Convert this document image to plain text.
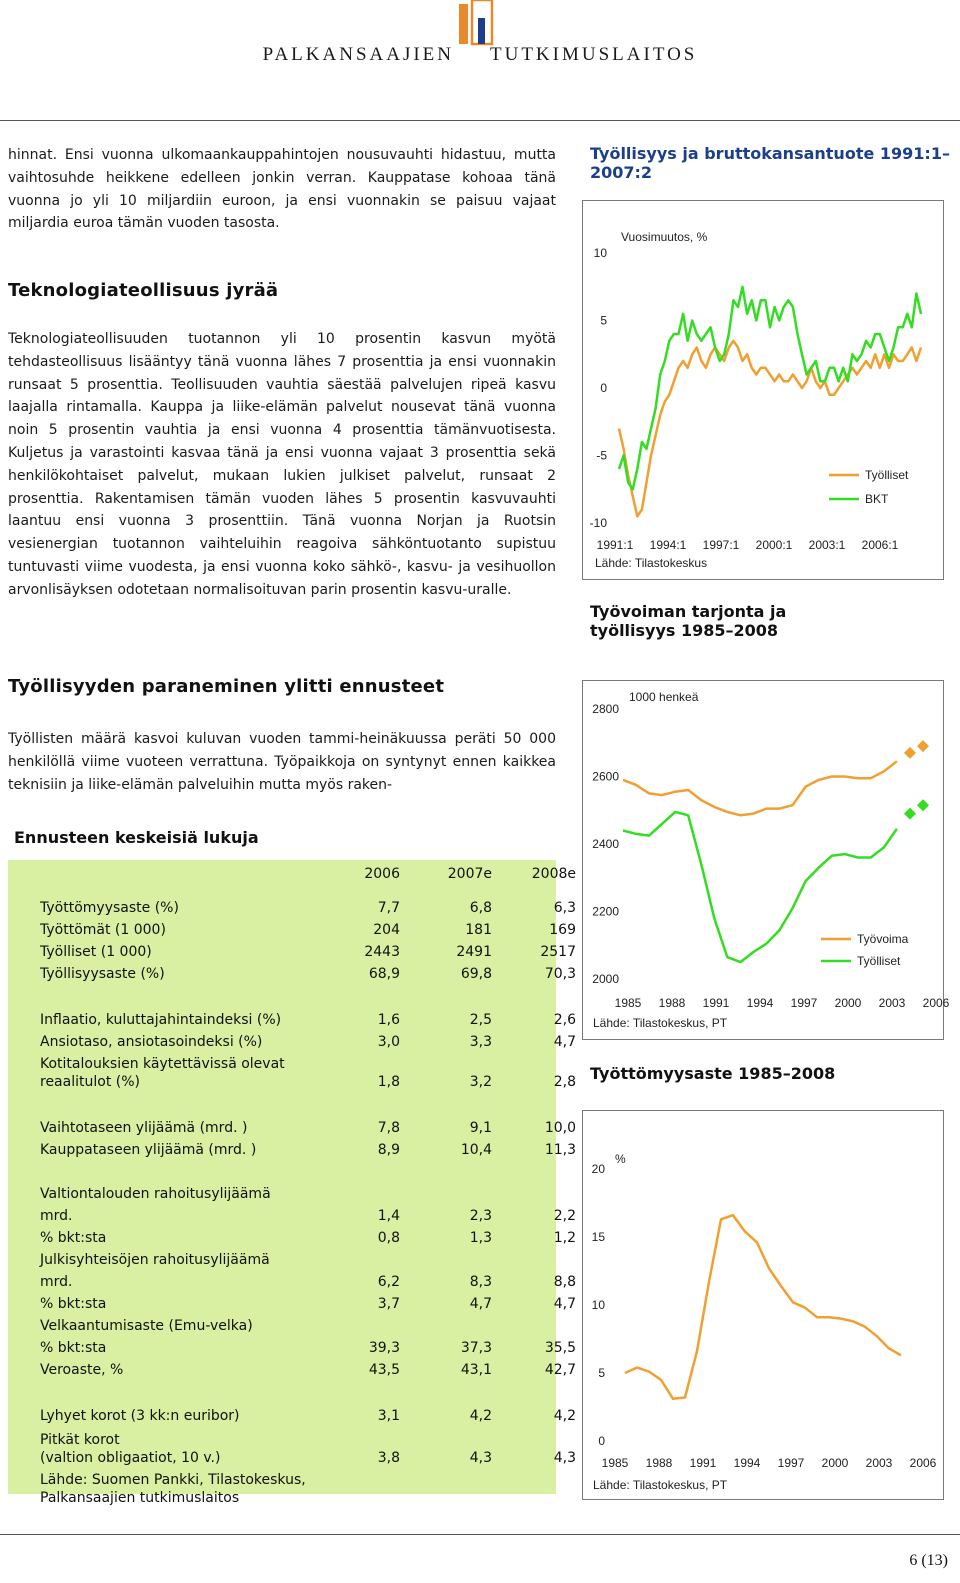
PALKANSAAJIEN TUTKIMUSLAITOS
hinnat. Ensi vuonna ulkomaankauppahintojen nousuvauhti hidastuu, mutta vaihtosuhde heikkene edelleen jonkin verran. Kauppatase kohoaa tänä vuonna jo yli 10 miljardiin euroon, ja ensi vuonnakin se paisuu vajaat miljardia euroa tämän vuoden tasosta.
Teknologiateollisuus jyrää
Teknologiateollisuuden tuotannon yli 10 prosentin kasvun myötä tehdasteollisuus lisääntyy tänä vuonna lähes 7 prosenttia ja ensi vuonnakin runsaat 5 prosenttia. Teollisuuden vauhtia säestää palvelujen ripeä kasvu laajalla rintamalla. Kauppa ja liike-elämän palvelut nousevat tänä vuonna noin 5 prosentin vauhtia ja ensi vuonna 4 prosenttia tämänvuotisesta. Kuljetus ja varastointi kasvaa tänä ja ensi vuonna vajaat 3 prosenttia sekä henkilökohtaiset palvelut, mukaan lukien julkiset palvelut, runsaat 2 prosenttia. Rakentamisen tämän vuoden lähes 5 prosentin kasvuvauhti laantuu ensi vuonna 3 prosenttiin. Tänä vuonna Norjan ja Ruotsin vesienergian tuotannon vaihteluihin reagoiva sähköntuotanto supistuu tuntuvasti viime vuodesta, ja ensi vuonna koko sähkö-, kasvu- ja vesihuollon arvonlisäyksen odotetaan normalisoituvan parin prosentin kasvu-uralle.
Työllisyyden paraneminen ylitti ennusteet
Työllisten määrä kasvoi kuluvan vuoden tammi-heinäkuussa peräti 50 000 henkilöllä viime vuoteen verrattuna. Työpaikkoja on syntynyt ennen kaikkea teknisiin ja liike-elämän palveluihin mutta myös raken-
Ennusteen keskeisiä lukuja
2006	2007e	2008e
Työttömyysaste (%)	7,7	6,8	6,3
Työttömät (1 000)	204	181	169
Työlliset (1 000)	2443	2491	2517
Työllisyysaste (%)	68,9	69,8	70,3
Inflaatio, kuluttajahintaindeksi (%)	1,6	2,5	2,6
Ansiotaso, ansiotasoindeksi (%)	3,0	3,3	4,7
Kotitalouksien käytettävissä olevat
reaalitulot (%)	1,8	3,2	2,8
Vaihtotaseen ylijäämä (mrd. )	7,8	9,1	10,0
Kauppataseen ylijäämä (mrd. )	8,9	10,4	11,3
Valtiontalouden rahoitusylijäämä
mrd.	1,4	2,3	2,2
% bkt:sta	0,8	1,3	1,2
Julkisyhteisöjen rahoitusylijäämä
mrd.	6,2	8,3	8,8
% bkt:sta	3,7	4,7	4,7
Velkaantumisaste (Emu-velka)
% bkt:sta	39,3	37,3	35,5
Veroaste, %	43,5	43,1	42,7
Lyhyet korot (3 kk:n euribor)	3,1	4,2	4,2
Pitkät korot
(valtion obligaatiot, 10 v.)	3,8	4,3	4,3
Lähde: Suomen Pankki, Tilastokeskus,
Palkansaajien tutkimuslaitos
Työllisyys ja bruttokansantuote 1991:1–2007:2
10
5
0
-5
-10
Vuosimuutos, %
1991:1 1994:1 1997:1 2000:1 2003:1 2006:1
Lähde: Tilastokeskus
Työlliset
BKT
Työvoiman tarjonta ja työllisyys 1985–2008
2800
2600
2400
2200
2000
1000 henkeä
1985 1988 1991 1994 1997 2000 2003 2006
Lähde: Tilastokeskus, PT
Työvoima
Työlliset
Työttömyysaste 1985–2008
20
15
10
5
0
%
1985 1988 1991 1994 1997 2000 2003 2006
Lähde: Tilastokeskus, PT
6 (13)
